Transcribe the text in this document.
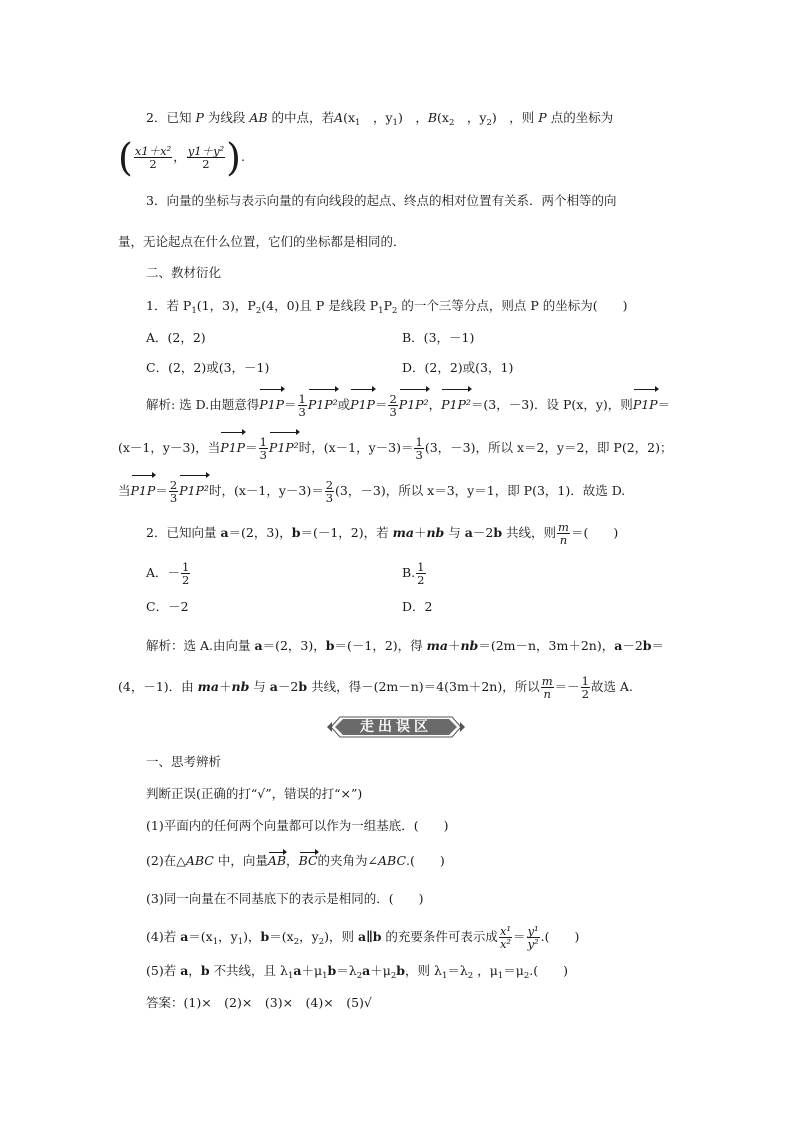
2．已知 P 为线段 AB 的中点，若$A(x_1$　 ，$y_1$)　，$B(x_2$　 ，$y_2$)　，则 P 点的坐标为
( $\frac{\text{x1＋x²}}{2}$ ， $\frac{\text{y1＋y²}}{2}$ ).
3．向量的坐标与表示向量的有向线段的起点、终点的相对位置有关系．两个相等的向
量，无论起点在什么位置，它们的坐标都是相同的．
二、教材衍化
1．若 $P_1(1$，3)，$P_2(4$，0)且 P 是线段 $P_1P_2$ 的一个三等分点，则点 P 的坐标为(　　)
A．(2，2)	B．(3，－1)
C．(2，2)或(3，－1)	D．(2，2)或(3，1)
解析: 选 D.由题意得$P1P= \frac{1}{3} P1P^2$或$P1P= \frac{2}{3} P1P^2$，P1P²＝(3，－3)．设 P(x，y)，则P1P＝
(x－1，y－3)，当$P1P= \frac{1}{3} P1P^2$时，(x－1，$y-3)= \frac{1}{3} (3$，－3)，所以 x＝2，y＝2，即 P(2，2)；
当$P1P= \frac{2}{3} P1P^2$时，(x－1，$y-3)= \frac{2}{3} (3$，－3)，所以 x＝3，y＝1，即 P(3，1)．故选 D.
2．已知向量 a＝(2，3)，b＝(－1，2)，若 ma＋nb 与 a－2b 共线，则 $\frac{m}{n}$ ＝(　　)
A．－ $\frac{1}{2}$	B. $\frac{1}{2}$
C．－2	D．2
解析：选 A.由向量 a＝(2，3)，b＝(－1，2)，得 ma＋nb＝(2m－n，3m＋2n)，a－2b＝
(4，－1)．由 ma＋nb 与 a－2b 共线，得－(2m－n)＝4(3m＋2n)，所以 $\frac{m}{n} =- \frac{1}{2}$ 故选 A.
走出误区
一、思考辨析
判断正误(正确的打“√”，错误的打“×”)
(1)平面内的任何两个向量都可以作为一组基底．(　　)
(2)在△ABC 中，向量AB，BC的夹角为∠ABC.(　　)
(3)同一向量在不同基底下的表示是相同的．(　　)
(4)若 $a=(x_1$，$y_1$)，$b=(x_2$，$y_2$)，则 a∥b 的充要条件可表示成 $\frac{\text{x¹}}{\text{x²}} = \frac{\text{y¹}}{\text{y²}}$ .(　　)
(5)若 a，b 不共线，且 $\lambda_1a+\mu_1b=\lambda_2a+\mu_2b$，则 $\lambda_1=\lambda_2$ ，$\mu_1=\mu_2$.(　　)
答案：(1)×　(2)×　(3)×　(4)×　(5)√
